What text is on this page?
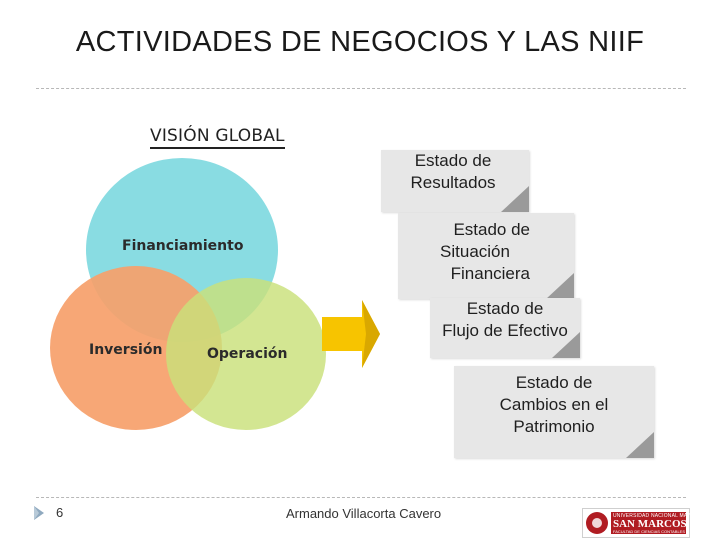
ACTIVIDADES DE NEGOCIOS Y LAS NIIF
VISIÓN GLOBAL
Financiamiento
Inversión	Operación
Estado de
Resultados
Estado de
Situación
Financiera
Estado de
Flujo de Efectivo
Estado de
Cambios en el
Patrimonio
6	Armando Villacorta Cavero	UNIVERSIDAD NACIONAL MAYOR DE
SAN MARCOS
FACULTAD DE CIENCIAS CONTABLES
